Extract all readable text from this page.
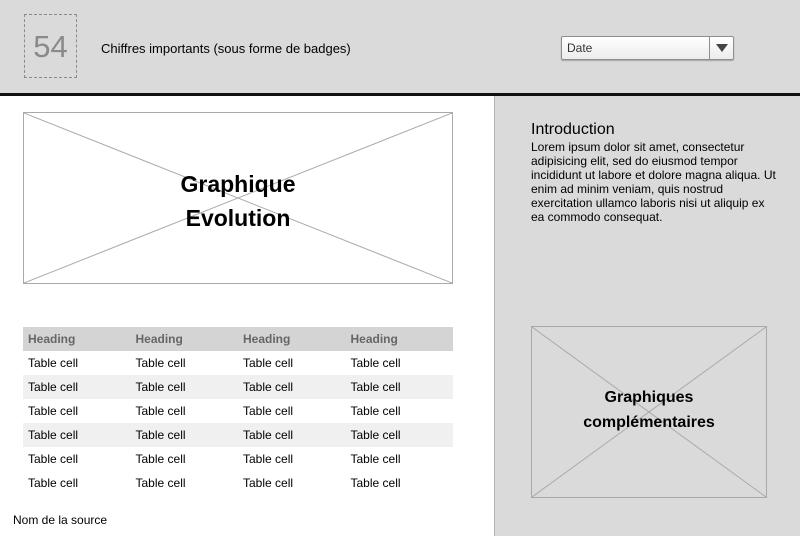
54	Chiffres importants (sous forme de badges)	Date
Graphique
Evolution
Heading	Heading	Heading	Heading
Table cell	Table cell	Table cell	Table cell
Table cell	Table cell	Table cell	Table cell
Table cell	Table cell	Table cell	Table cell
Table cell	Table cell	Table cell	Table cell
Table cell	Table cell	Table cell	Table cell
Table cell	Table cell	Table cell	Table cell
Nom de la source
Introduction
Lorem ipsum dolor sit amet, consectetur adipisicing elit, sed do eiusmod tempor incididunt ut labore et dolore magna aliqua. Ut enim ad minim veniam, quis nostrud exercitation ullamco laboris nisi ut aliquip ex ea commodo consequat.
Graphiques
complémentaires
